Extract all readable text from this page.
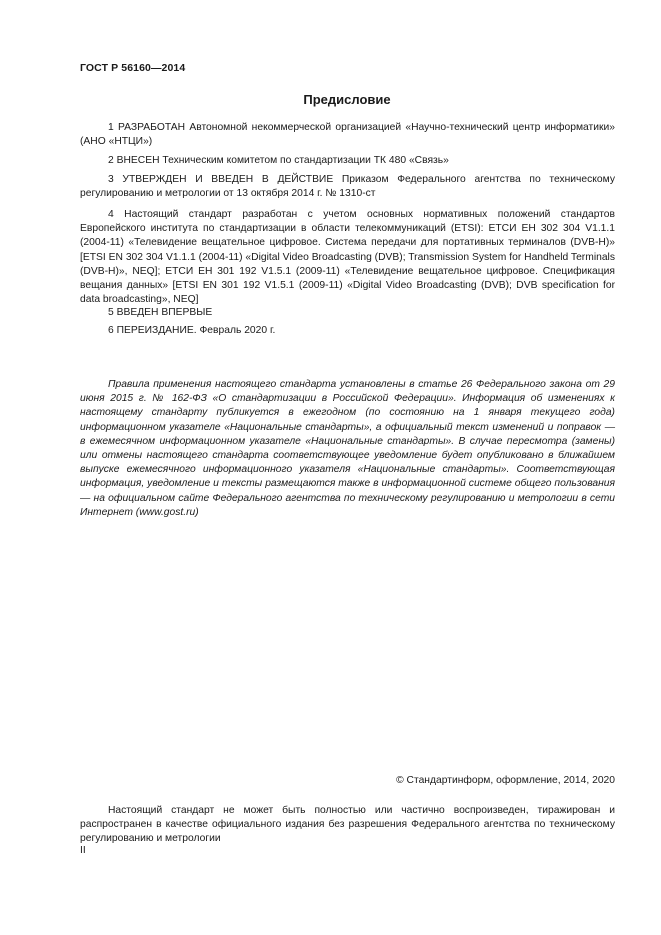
ГОСТ Р 56160—2014
Предисловие

1 РАЗРАБОТАН Автономной некоммерческой организацией «Научно-технический центр информатики» (АНО «НТЦИ»)

2 ВНЕСЕН Техническим комитетом по стандартизации ТК 480 «Связь»

3 УТВЕРЖДЕН И ВВЕДЕН В ДЕЙСТВИЕ Приказом Федерального агентства по техническому регулированию и метрологии от 13 октября 2014 г. № 1310-ст

4 Настоящий стандарт разработан с учетом основных нормативных положений стандартов Европейского института по стандартизации в области телекоммуникаций (ETSI): ЕТСИ ЕН 302 304 V1.1.1 (2004-11) «Телевидение вещательное цифровое. Система передачи для портативных терминалов (DVB-H)» [ETSI EN 302 304 V1.1.1 (2004-11) «Digital Video Broadcasting (DVB); Transmission System for Handheld Terminals (DVB-H)», NEQ]; ЕТСИ ЕН 301 192 V1.5.1 (2009-11) «Телевидение вещательное цифровое. Спецификация вещания данных» [ETSI EN 301 192 V1.5.1 (2009-11) «Digital Video Broadcasting (DVB); DVB specification for data broadcasting», NEQ]

5 ВВЕДЕН ВПЕРВЫЕ

6 ПЕРЕИЗДАНИЕ. Февраль 2020 г.

Правила применения настоящего стандарта установлены в статье 26 Федерального закона от 29 июня 2015 г. № 162-ФЗ «О стандартизации в Российской Федерации». Информация об изменениях к настоящему стандарту публикуется в ежегодном (по состоянию на 1 января текущего года) информационном указателе «Национальные стандарты», а официальный текст изменений и поправок — в ежемесячном информационном указателе «Национальные стандарты». В случае пересмотра (замены) или отмены настоящего стандарта соответствующее уведомление будет опубликовано в ближайшем выпуске ежемесячного информационного указателя «Национальные стандарты». Соответствующая информация, уведомление и тексты размещаются также в информационной системе общего пользования — на официальном сайте Федерального агентства по техническому регулированию и метрологии в сети Интернет (www.gost.ru)

© Стандартинформ, оформление, 2014, 2020

Настоящий стандарт не может быть полностью или частично воспроизведен, тиражирован и распространен в качестве официального издания без разрешения Федерального агентства по техническому регулированию и метрологии

II
